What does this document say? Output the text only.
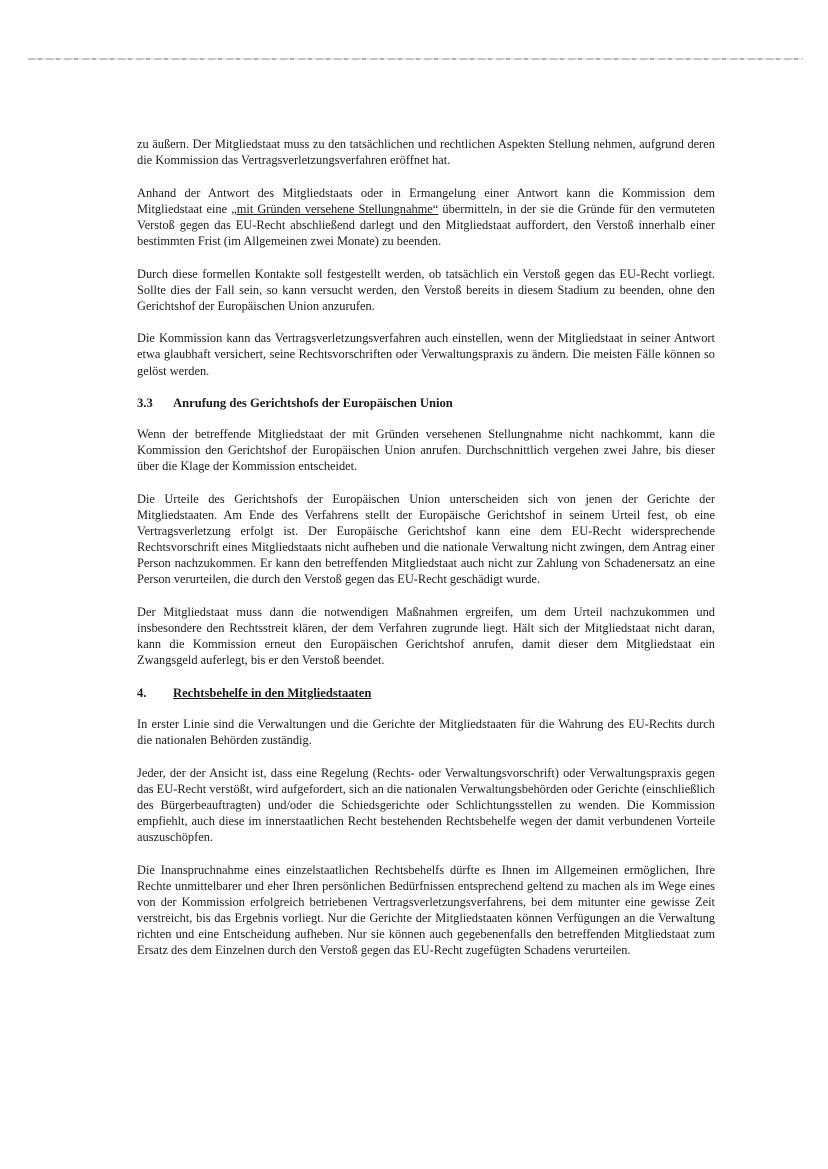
zu äußern. Der Mitgliedstaat muss zu den tatsächlichen und rechtlichen Aspekten Stellung nehmen, aufgrund deren die Kommission das Vertragsverletzungsverfahren eröffnet hat.

Anhand der Antwort des Mitgliedstaats oder in Ermangelung einer Antwort kann die Kommission dem Mitgliedstaat eine „mit Gründen versehene Stellungnahme“ übermitteln, in der sie die Gründe für den vermuteten Verstoß gegen das EU-Recht abschließend darlegt und den Mitgliedstaat auffordert, den Verstoß innerhalb einer bestimmten Frist (im Allgemeinen zwei Monate) zu beenden.

Durch diese formellen Kontakte soll festgestellt werden, ob tatsächlich ein Verstoß gegen das EU-Recht vorliegt. Sollte dies der Fall sein, so kann versucht werden, den Verstoß bereits in diesem Stadium zu beenden, ohne den Gerichtshof der Europäischen Union anzurufen.

Die Kommission kann das Vertragsverletzungsverfahren auch einstellen, wenn der Mitgliedstaat in seiner Antwort etwa glaubhaft versichert, seine Rechtsvorschriften oder Verwaltungspraxis zu ändern. Die meisten Fälle können so gelöst werden.

3.3 Anrufung des Gerichtshofs der Europäischen Union

Wenn der betreffende Mitgliedstaat der mit Gründen versehenen Stellungnahme nicht nachkommt, kann die Kommission den Gerichtshof der Europäischen Union anrufen. Durchschnittlich vergehen zwei Jahre, bis dieser über die Klage der Kommission entscheidet.

Die Urteile des Gerichtshofs der Europäischen Union unterscheiden sich von jenen der Gerichte der Mitgliedstaaten. Am Ende des Verfahrens stellt der Europäische Gerichtshof in seinem Urteil fest, ob eine Vertragsverletzung erfolgt ist. Der Europäische Gerichtshof kann eine dem EU-Recht widersprechende Rechtsvorschrift eines Mitgliedstaats nicht aufheben und die nationale Verwaltung nicht zwingen, dem Antrag einer Person nachzukommen. Er kann den betreffenden Mitgliedstaat auch nicht zur Zahlung von Schadenersatz an eine Person verurteilen, die durch den Verstoß gegen das EU-Recht geschädigt wurde.

Der Mitgliedstaat muss dann die notwendigen Maßnahmen ergreifen, um dem Urteil nachzukommen und insbesondere den Rechtsstreit klären, der dem Verfahren zugrunde liegt. Hält sich der Mitgliedstaat nicht daran, kann die Kommission erneut den Europäischen Gerichtshof anrufen, damit dieser dem Mitgliedstaat ein Zwangsgeld auferlegt, bis er den Verstoß beendet.

4. Rechtsbehelfe in den Mitgliedstaaten

In erster Linie sind die Verwaltungen und die Gerichte der Mitgliedstaaten für die Wahrung des EU-Rechts durch die nationalen Behörden zuständig.

Jeder, der der Ansicht ist, dass eine Regelung (Rechts- oder Verwaltungsvorschrift) oder Verwaltungspraxis gegen das EU-Recht verstößt, wird aufgefordert, sich an die nationalen Verwaltungsbehörden oder Gerichte (einschließlich des Bürgerbeauftragten) und/oder die Schiedsgerichte oder Schlichtungsstellen zu wenden. Die Kommission empfiehlt, auch diese im innerstaatlichen Recht bestehenden Rechtsbehelfe wegen der damit verbundenen Vorteile auszuschöpfen.

Die Inanspruchnahme eines einzelstaatlichen Rechtsbehelfs dürfte es Ihnen im Allgemeinen ermöglichen, Ihre Rechte unmittelbarer und eher Ihren persönlichen Bedürfnissen entsprechend geltend zu machen als im Wege eines von der Kommission erfolgreich betriebenen Vertragsverletzungsverfahrens, bei dem mitunter eine gewisse Zeit verstreicht, bis das Ergebnis vorliegt. Nur die Gerichte der Mitgliedstaaten können Verfügungen an die Verwaltung richten und eine Entscheidung aufheben. Nur sie können auch gegebenenfalls den betreffenden Mitgliedstaat zum Ersatz des dem Einzelnen durch den Verstoß gegen das EU-Recht zugefügten Schadens verurteilen.
